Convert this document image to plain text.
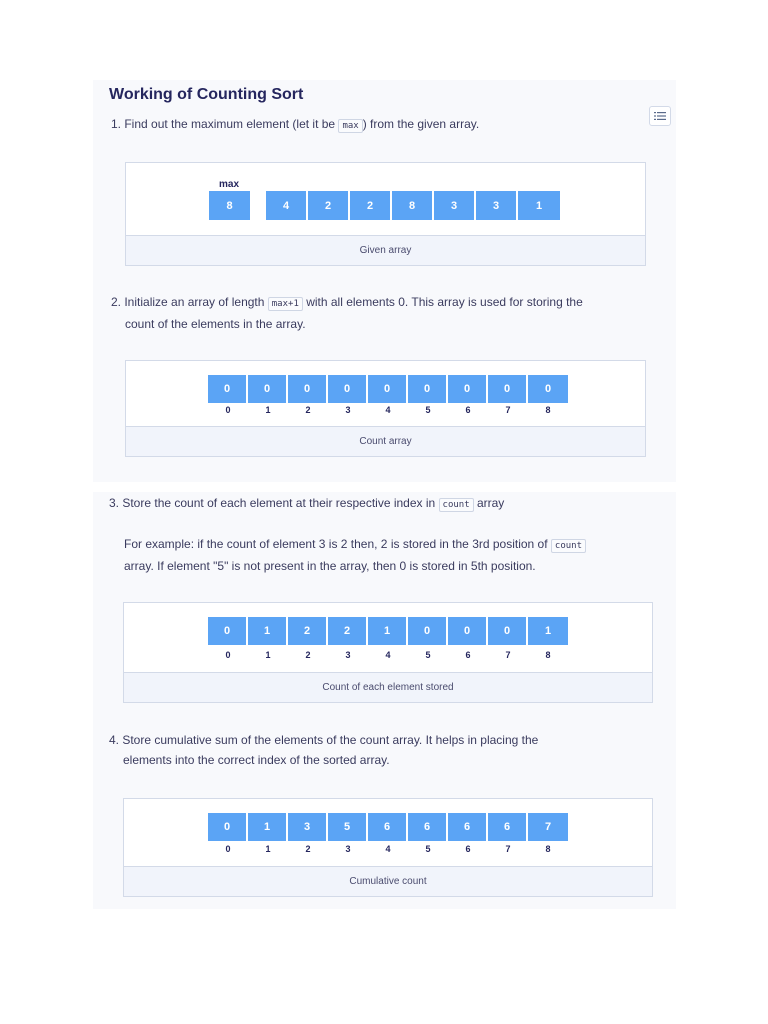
Working of Counting Sort
1. Find out the maximum element (let it be max ) from the given array.
max
8	4	2	2	8	3	3	1
Given array
2. Initialize an array of length max+1 with all elements 0. This array is used for storing the
count of the elements in the array.
0	0	0	0	0	0	0	0	0
0	1	2	3	4	5	6	7	8
Count array
3. Store the count of each element at their respective index in count array
For example: if the count of element 3 is 2 then, 2 is stored in the 3rd position of count
array. If element "5" is not present in the array, then 0 is stored in 5th position.
0	1	2	2	1	0	0	0	1
0	1	2	3	4	5	6	7	8
Count of each element stored
4. Store cumulative sum of the elements of the count array. It helps in placing the
elements into the correct index of the sorted array.
0	1	3	5	6	6	6	6	7
0	1	2	3	4	5	6	7	8
Cumulative count
